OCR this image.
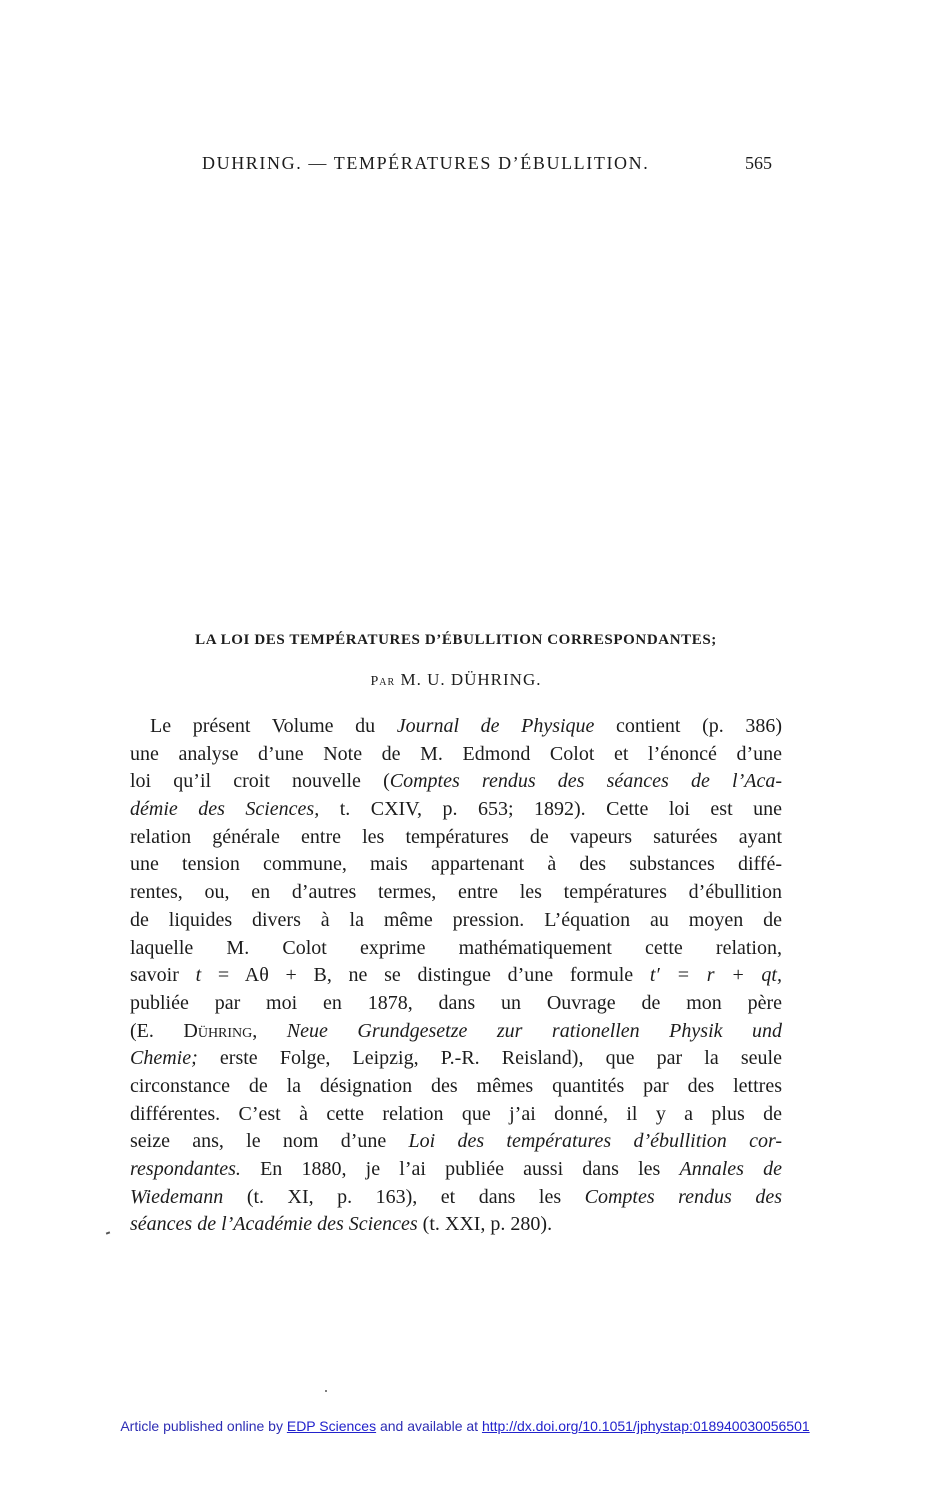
DUHRING. — TEMPÉRATURES D’ÉBULLITION.	565
LA LOI DES TEMPÉRATURES D’ÉBULLITION CORRESPONDANTES;
Par M. U. DÜHRING.
Le présent Volume du Journal de Physique contient (p. 386)
une analyse d’une Note de M. Edmond Colot et l’énoncé d’une
loi qu’il croit nouvelle (Comptes rendus des séances de l’Aca-
démie des Sciences, t. CXIV, p. 653; 1892). Cette loi est une
relation générale entre les températures de vapeurs saturées ayant
une tension commune, mais appartenant à des substances diffé-
rentes, ou, en d’autres termes, entre les températures d’ébullition
de liquides divers à la même pression. L’équation au moyen de
laquelle M. Colot exprime mathématiquement cette relation,
savoir t = Aθ + B, ne se distingue d’une formule t′ = r + qt,
publiée par moi en 1878, dans un Ouvrage de mon père
(E. Dühring, Neue Grundgesetze zur rationellen Physik und
Chemie; erste Folge, Leipzig, P.-R. Reisland), que par la seule
circonstance de la désignation des mêmes quantités par des lettres
différentes. C’est à cette relation que j’ai donné, il y a plus de
seize ans, le nom d’une Loi des températures d’ébullition cor-
respondantes. En 1880, je l’ai publiée aussi dans les Annales de
Wiedemann (t. XI, p. 163), et dans les Comptes rendus des
séances de l’Académie des Sciences (t. XXI, p. 280).
Article published online by EDP Sciences and available at http://dx.doi.org/10.1051/jphystap:018940030056501
